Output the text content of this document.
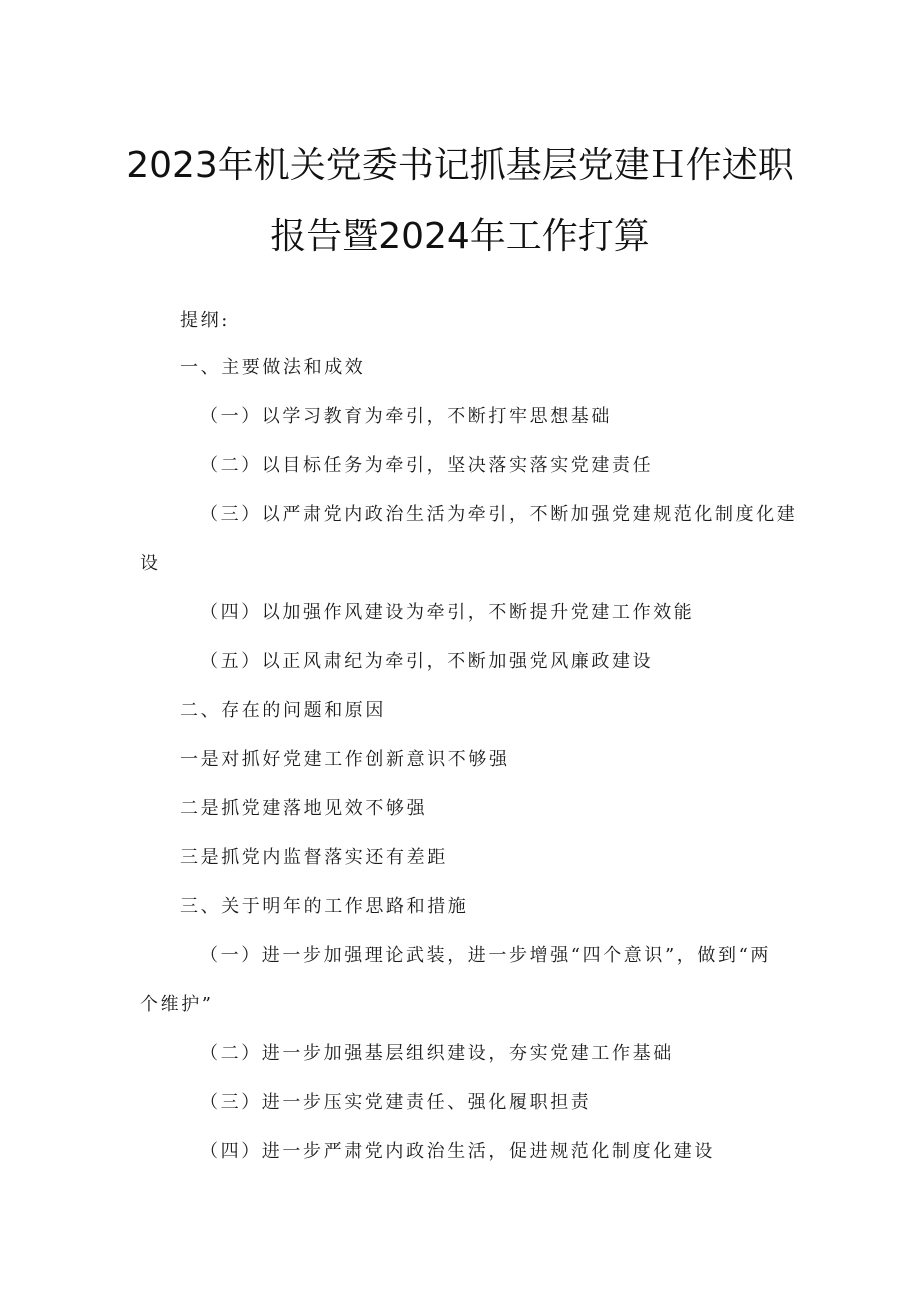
2023年机关党委书记抓基层党建Ｈ作述职
报告暨2024年工作打算
提纲:
一、主要做法和成效
（一）以学习教育为牵引，不断打牢思想基础
（二）以目标任务为牵引，坚决落实落实党建责任
（三）以严肃党内政治生活为牵引，不断加强党建规范化制度化建
设
（四）以加强作风建设为牵引，不断提升党建工作效能
（五）以正风肃纪为牵引，不断加强党风廉政建设
二、存在的问题和原因
一是对抓好党建工作创新意识不够强
二是抓党建落地见效不够强
三是抓党内监督落实还有差距
三、关于明年的工作思路和措施
（一）进一步加强理论武装，进一步增强“四个意识”，做到“两
个维护”
（二）进一步加强基层组织建设，夯实党建工作基础
（三）进一步压实党建责任、强化履职担责
（四）进一步严肃党内政治生活，促进规范化制度化建设
